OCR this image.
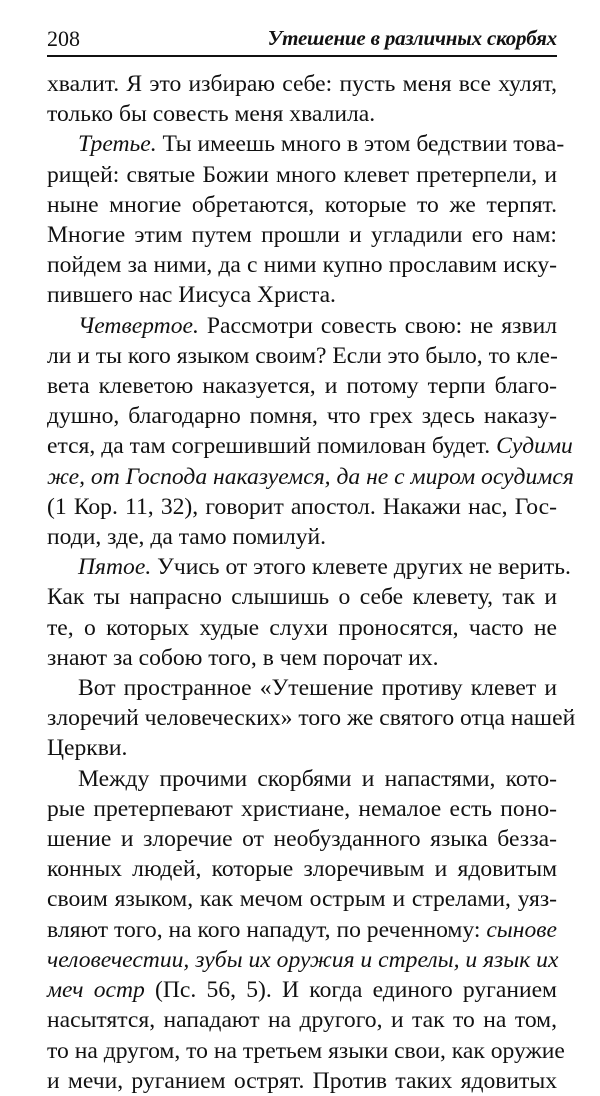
208	Утешение в различных скорбях
хвалит. Я это избираю себе: пусть меня все хулят,
только бы совесть меня хвалила.
Третье. Ты имеешь много в этом бедствии това-
рищей: святые Божии много клевет претерпели, и
ныне многие обретаются, которые то же терпят.
Многие этим путем прошли и угладили его нам:
пойдем за ними, да с ними купно прославим иску-
пившего нас Иисуса Христа.
Четвертое. Рассмотри совесть свою: не язвил
ли и ты кого языком своим? Если это было, то кле-
вета клеветою наказуется, и потому терпи благо-
душно, благодарно помня, что грех здесь наказу-
ется, да там согрешивший помилован будет. Судими
же, от Господа наказуемся, да не с миром осудимся
(1 Кор. 11, 32), говорит апостол. Накажи нас, Гос-
поди, зде, да тамо помилуй.
Пятое. Учись от этого клевете других не верить.
Как ты напрасно слышишь о себе клевету, так и
те, о которых худые слухи проносятся, часто не
знают за собою того, в чем порочат их.
Вот пространное «Утешение противу клевет и
злоречий человеческих» того же святого отца нашей
Церкви.
Между прочими скорбями и напастями, кото-
рые претерпевают христиане, немалое есть поно-
шение и злоречие от необузданного языка безза-
конных людей, которые злоречивым и ядовитым
своим языком, как мечом острым и стрелами, уяз-
вляют того, на кого нападут, по реченному: сынове
человечестии, зубы их оружия и стрелы, и язык их
меч остр (Пс. 56, 5). И когда единого руганием
насытятся, нападают на другого, и так то на том,
то на другом, то на третьем языки свои, как оружие
и мечи, руганием острят. Против таких ядовитых
